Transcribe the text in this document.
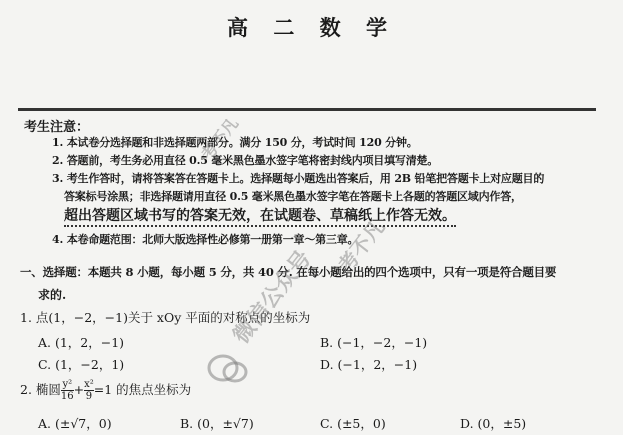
高 二 数 学
考生注意：
1. 本试卷分选择题和非选择题两部分。满分 150 分，考试时间 120 分钟。
2. 答题前，考生务必用直径 0.5 毫米黑色墨水签字笔将密封线内项目填写清楚。
3. 考生作答时，请将答案答在答题卡上。选择题每小题选出答案后，用 2B 铅笔把答题卡上对应题目的
答案标号涂黑；非选择题请用直径 0.5 毫米黑色墨水签字笔在答题卡上各题的答题区域内作答，
超出答题区域书写的答案无效，在试题卷、草稿纸上作答无效。
4. 本卷命题范围：北师大版选择性必修第一册第一章～第三章。
一、选择题：本题共 8 小题，每小题 5 分，共 40 分. 在每小题给出的四个选项中，只有一项是符合题目要
求的.
1. 点(1，−2，−1)关于 xOy 平面的对称点的坐标为
A. (1，2，−1)	B. (−1，−2，−1)
C. (1，−2，1)	D. (−1，2，−1)
2. 椭圆 $\frac{\text{y²}}{16} + \frac{\text{x²}}{9} =1$ 的焦点坐标为
A. (±√7，0)	B. (0，±√7)	C. (±5，0)	D. (0，±5)
考不凡
微信公众号 考不凡
